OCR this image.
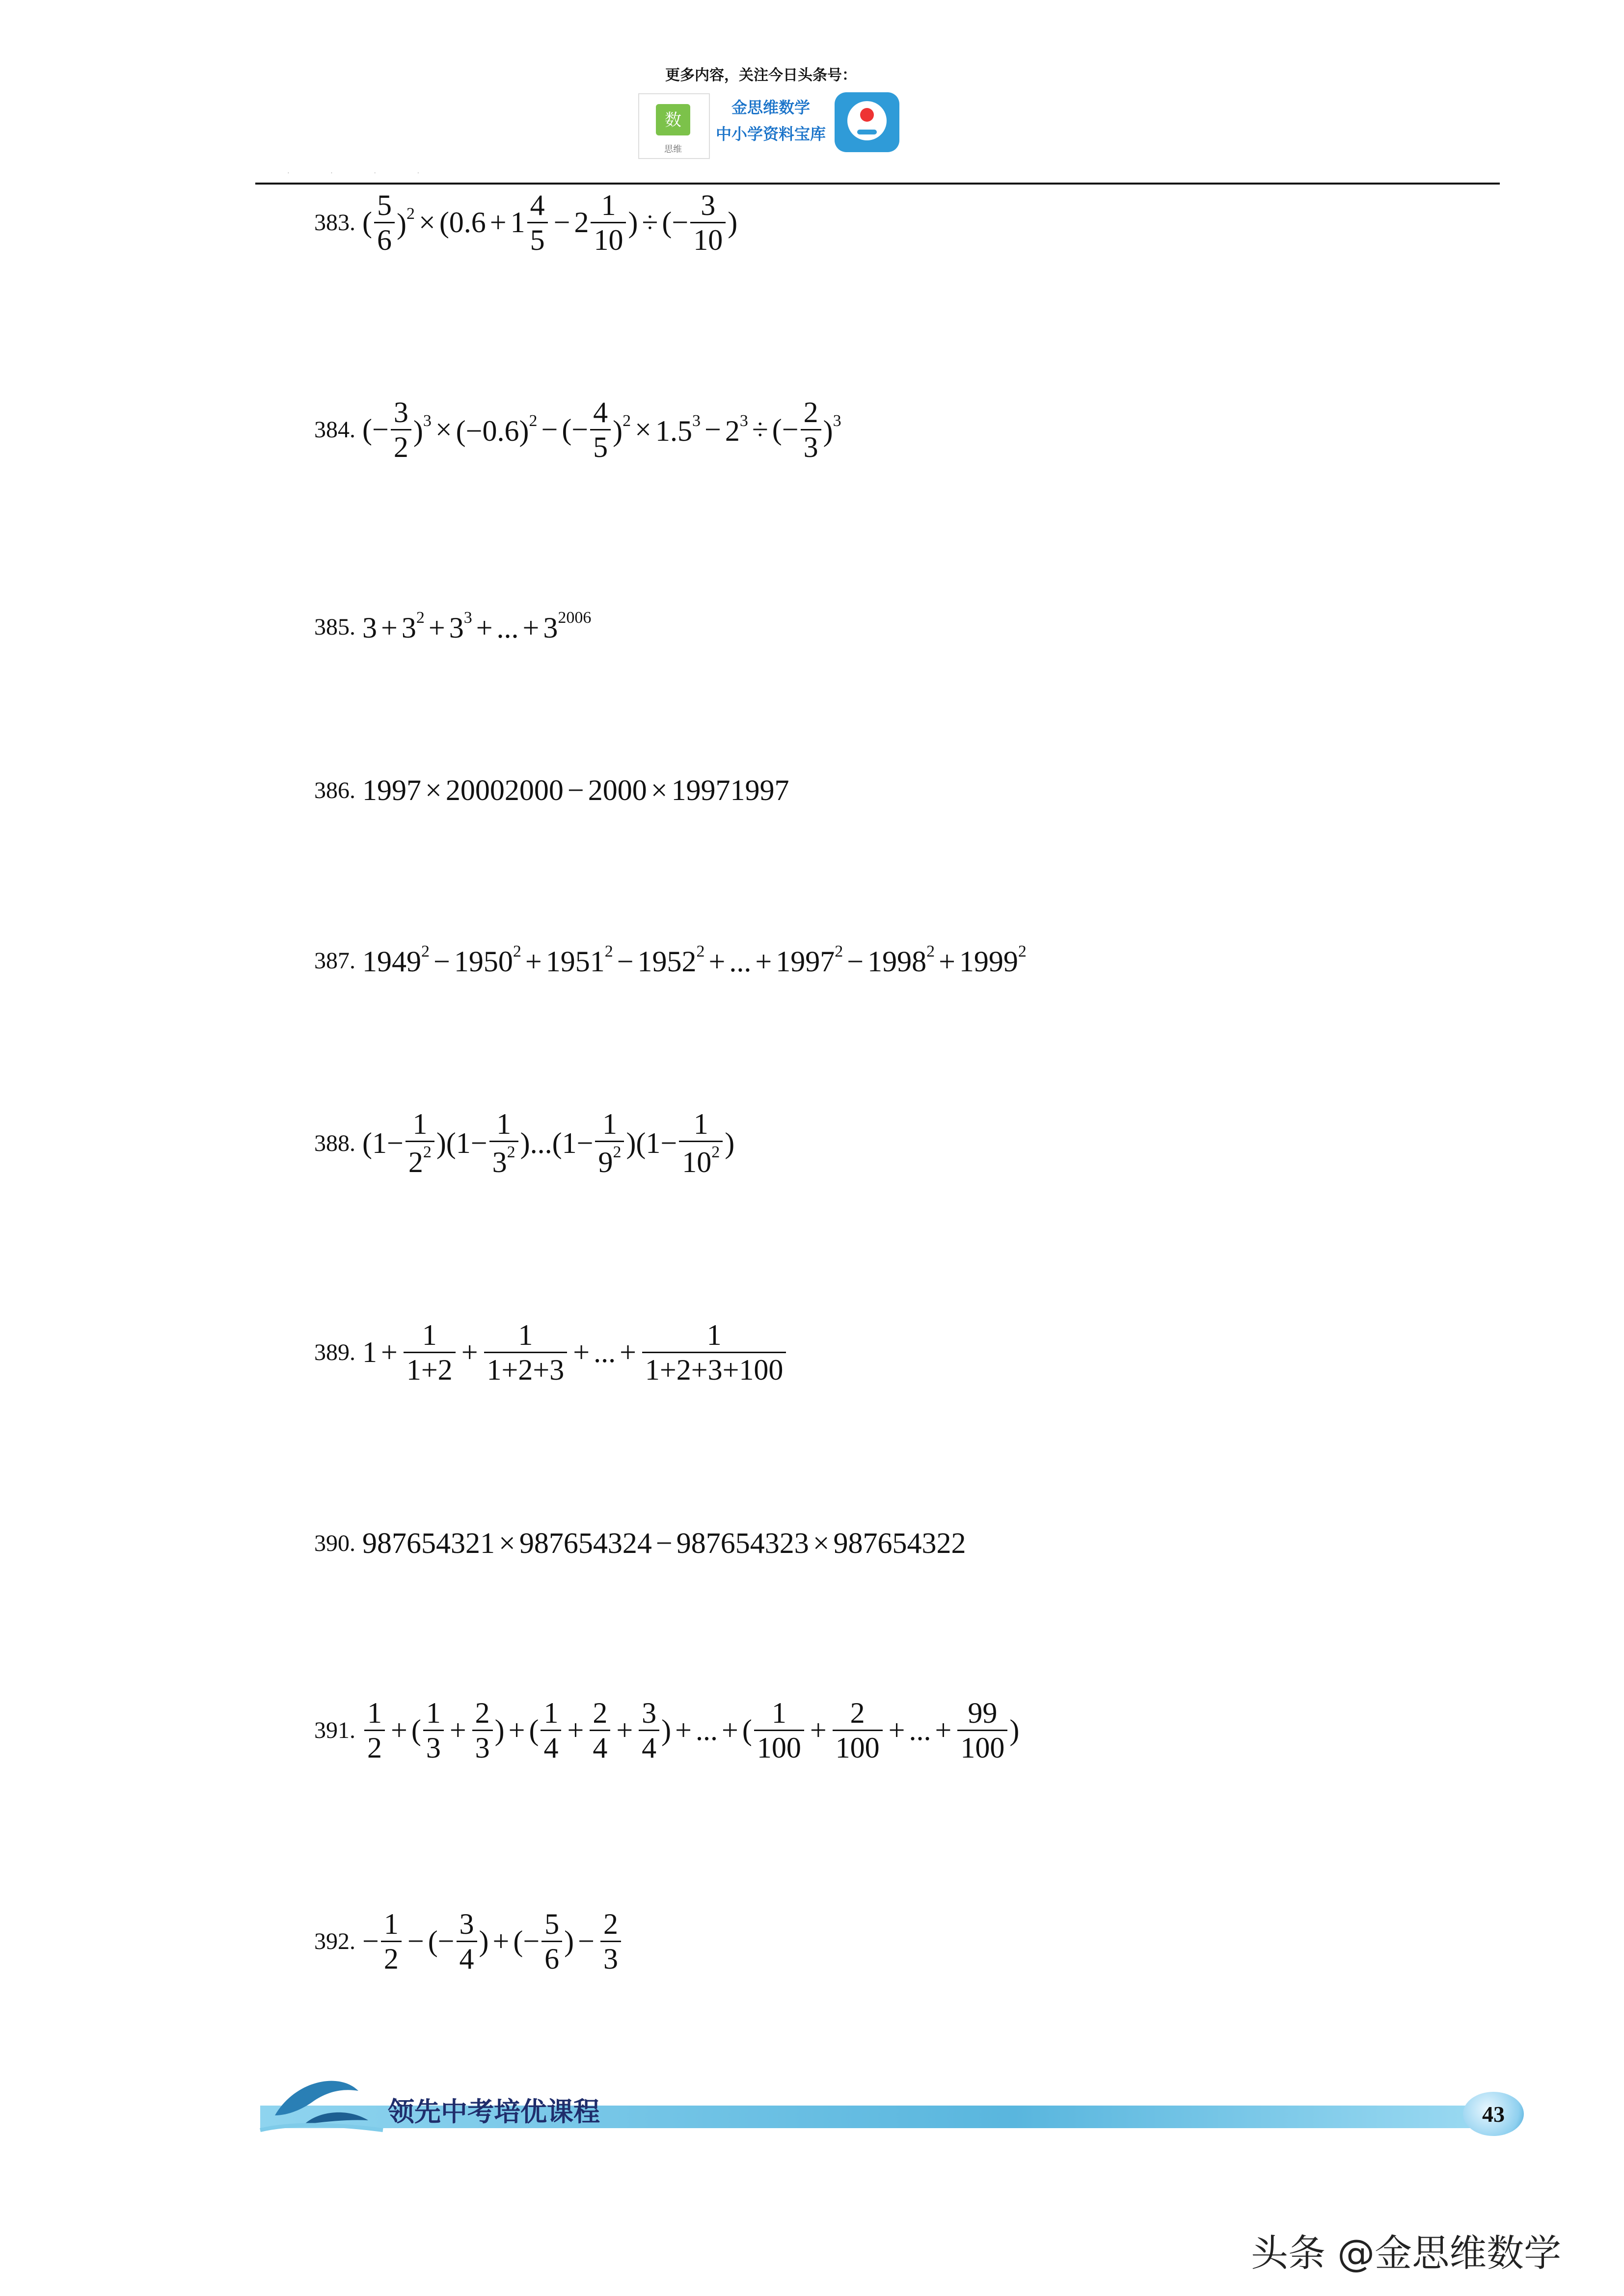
更多内容，关注今日头条号：
数
思维
金思维数学
中小学资料宝库
· · · ·
383. ( $\frac{5}{6} )^2 \times (0.6 + 1 \frac{4}{5} - 2 \frac{1}{10}$ ) ÷ (− $\frac{3}{10}$ )
384. (− $\frac{3}{2} )^3 \times (-0.6)^2$ − (− $\frac{4}{5} )^2 \times 1.5^3 - 2^3$ ÷ (− $\frac{2}{3} )^3$
385. $3 + 3^2 + 3^3$ + ... + $3^{2006}$
386. 1997 × 20002000 − 2000 × 19971997
387. $1949^2 - 1950^2 + 1951^2 - 1952^2$ + ... + $1997^2 - 1998^2 + 1999^2$
388. $(1- \frac{1}{2^2} )(1- \frac{1}{3^2} )...(1- \frac{1}{9^2} )(1- \frac{1}{10^2}$ )
389. $1 + \frac{1}{1+2} + \frac{1}{1+2+3}$ + ... + $\frac{1}{1+2+3+100}$
390. 987654321 × 987654324 − 987654323 × 987654322
391. $\frac{1}{2}$ + ( $\frac{1}{3} + \frac{2}{3}$ ) + ( $\frac{1}{4} + \frac{2}{4} + \frac{3}{4}$ ) + ... + ( $\frac{1}{100} + \frac{2}{100}$ + ... + $\frac{99}{100}$ )
392. − $\frac{1}{2}$ − (− $\frac{3}{4}$ ) + (− $\frac{5}{6}$ ) − $\frac{2}{3}$
领先中考培优课程	43
头条 @金思维数学
